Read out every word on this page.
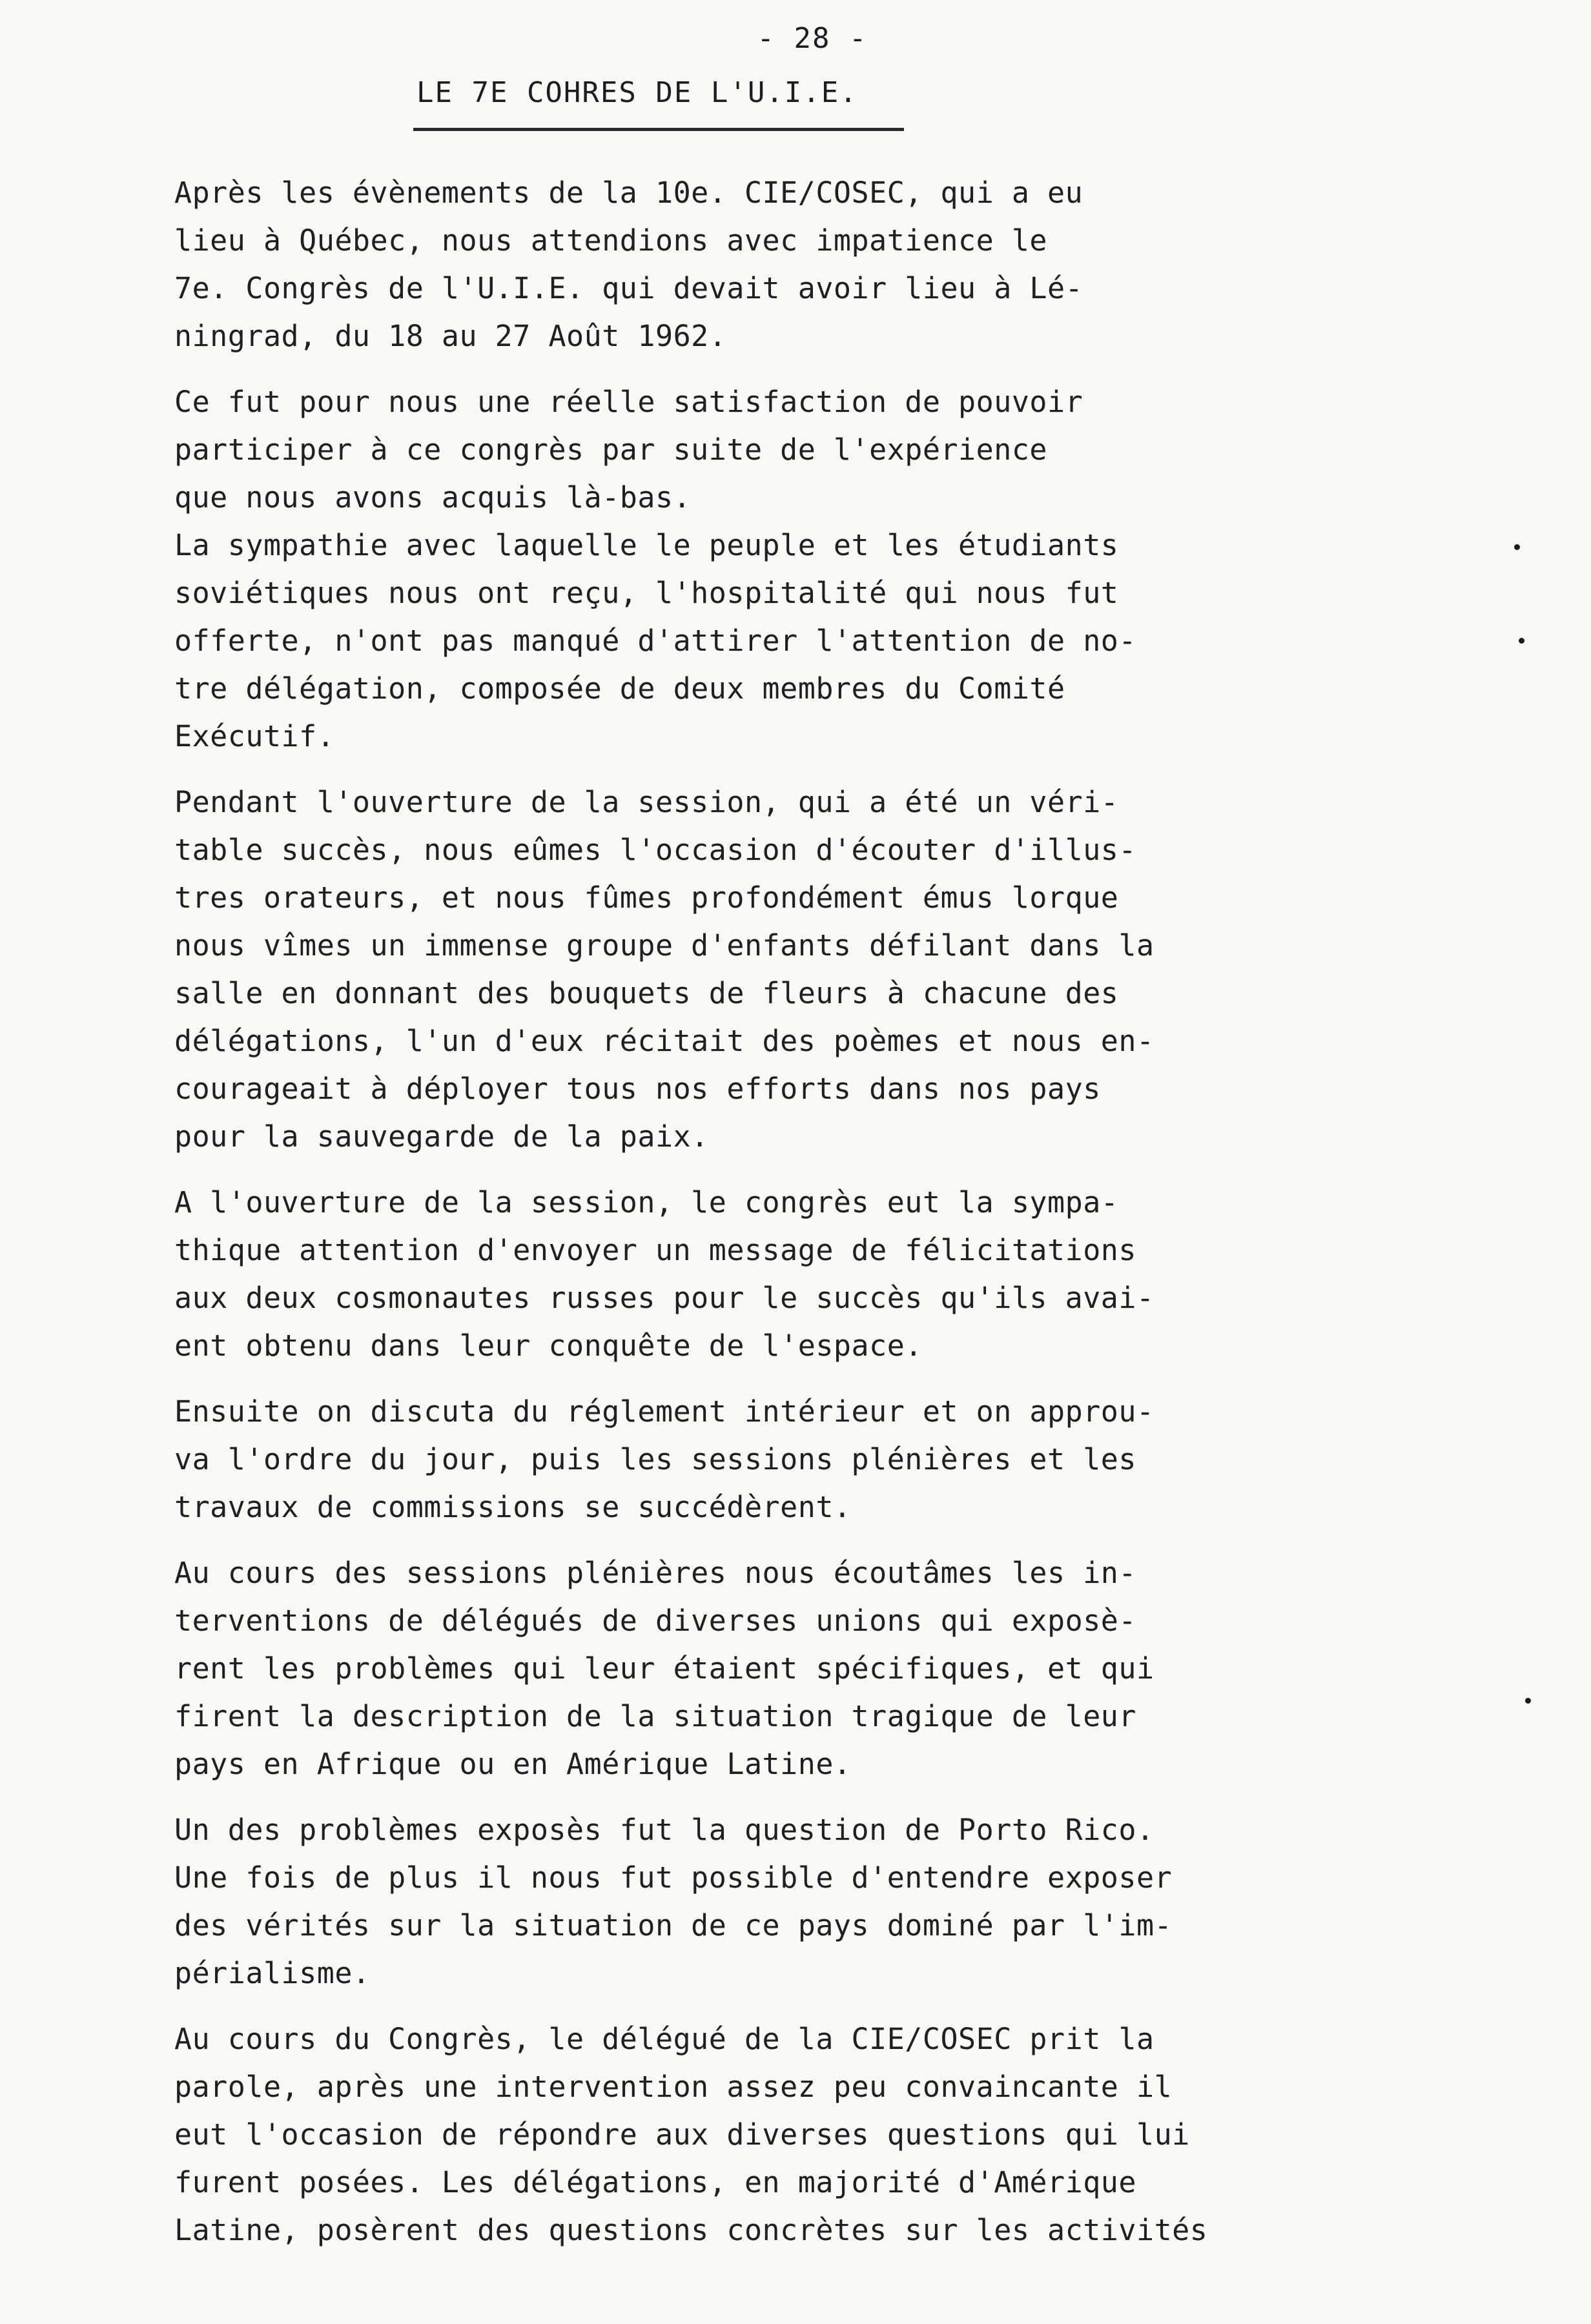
- 28 -
LE 7E COHRES DE L'U.I.E.
Après les évènements de la 10e. CIE/COSEC, qui a eu
lieu à Québec, nous attendions avec impatience le
7e. Congrès de l'U.I.E. qui devait avoir lieu à Lé-
ningrad, du 18 au 27 Août 1962.
Ce fut pour nous une réelle satisfaction de pouvoir
participer à ce congrès par suite de l'expérience
que nous avons acquis là-bas.
La sympathie avec laquelle le peuple et les étudiants
soviétiques nous ont reçu, l'hospitalité qui nous fut
offerte, n'ont pas manqué d'attirer l'attention de no-
tre délégation, composée de deux membres du Comité
Exécutif.
Pendant l'ouverture de la session, qui a été un véri-
table succès, nous eûmes l'occasion d'écouter d'illus-
tres orateurs, et nous fûmes profondément émus lorque
nous vîmes un immense groupe d'enfants défilant dans la
salle en donnant des bouquets de fleurs à chacune des
délégations, l'un d'eux récitait des poèmes et nous en-
courageait à déployer tous nos efforts dans nos pays
pour la sauvegarde de la paix.
A l'ouverture de la session, le congrès eut la sympa-
thique attention d'envoyer un message de félicitations
aux deux cosmonautes russes pour le succès qu'ils avai-
ent obtenu dans leur conquête de l'espace.
Ensuite on discuta du réglement intérieur et on approu-
va l'ordre du jour, puis les sessions plénières et les
travaux de commissions se succédèrent.
Au cours des sessions plénières nous écoutâmes les in-
terventions de délégués de diverses unions qui exposè-
rent les problèmes qui leur étaient spécifiques, et qui
firent la description de la situation tragique de leur
pays en Afrique ou en Amérique Latine.
Un des problèmes exposès fut la question de Porto Rico.
Une fois de plus il nous fut possible d'entendre exposer
des vérités sur la situation de ce pays dominé par l'im-
périalisme.
Au cours du Congrès, le délégué de la CIE/COSEC prit la
parole, après une intervention assez peu convaincante il
eut l'occasion de répondre aux diverses questions qui lui
furent posées. Les délégations, en majorité d'Amérique
Latine, posèrent des questions concrètes sur les activités
